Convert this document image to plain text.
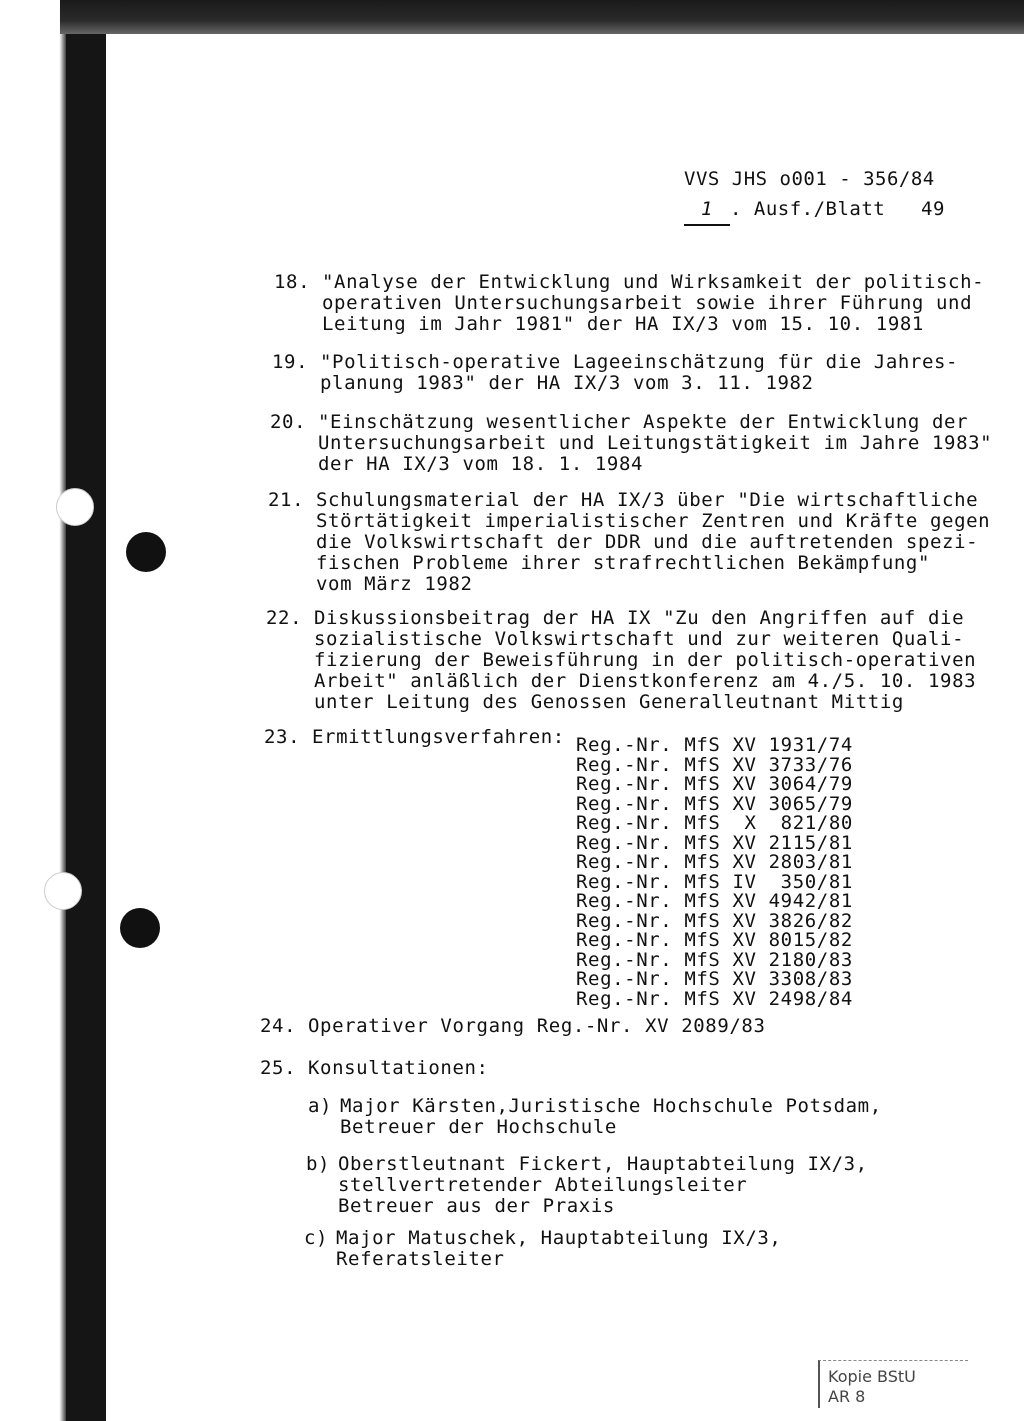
VVS JHS o001 - 356/84
1 . Ausf./Blatt 49
18. "Analyse der Entwicklung und Wirksamkeit der politisch-
operativen Untersuchungsarbeit sowie ihrer Führung und
Leitung im Jahr 1981" der HA IX/3 vom 15. 10. 1981
19. "Politisch-operative Lageeinschätzung für die Jahres-
planung 1983" der HA IX/3 vom 3. 11. 1982
20. "Einschätzung wesentlicher Aspekte der Entwicklung der
Untersuchungsarbeit und Leitungstätigkeit im Jahre 1983"
der HA IX/3 vom 18. 1. 1984
21. Schulungsmaterial der HA IX/3 über "Die wirtschaftliche
Störtätigkeit imperialistischer Zentren und Kräfte gegen
die Volkswirtschaft der DDR und die auftretenden spezi-
fischen Probleme ihrer strafrechtlichen Bekämpfung"
vom März 1982
22. Diskussionsbeitrag der HA IX "Zu den Angriffen auf die
sozialistische Volkswirtschaft und zur weiteren Quali-
fizierung der Beweisführung in der politisch-operativen
Arbeit" anläßlich der Dienstkonferenz am 4./5. 10. 1983
unter Leitung des Genossen Generalleutnant Mittig
23. Ermittlungsverfahren: Reg.-Nr. MfS XV 1931/74
Reg.-Nr. MfS XV 3733/76
Reg.-Nr. MfS XV 3064/79
Reg.-Nr. MfS XV 3065/79
Reg.-Nr. MfS  X  821/80
Reg.-Nr. MfS XV 2115/81
Reg.-Nr. MfS XV 2803/81
Reg.-Nr. MfS IV  350/81
Reg.-Nr. MfS XV 4942/81
Reg.-Nr. MfS XV 3826/82
Reg.-Nr. MfS XV 8015/82
Reg.-Nr. MfS XV 2180/83
Reg.-Nr. MfS XV 3308/83
Reg.-Nr. MfS XV 2498/84
24. Operativer Vorgang Reg.-Nr. XV 2089/83
25. Konsultationen:
a) Major Kärsten,Juristische Hochschule Potsdam,
Betreuer der Hochschule
b) Oberstleutnant Fickert, Hauptabteilung IX/3,
stellvertretender Abteilungsleiter
Betreuer aus der Praxis
c) Major Matuschek, Hauptabteilung IX/3,
Referatsleiter
Kopie BStU
AR 8
